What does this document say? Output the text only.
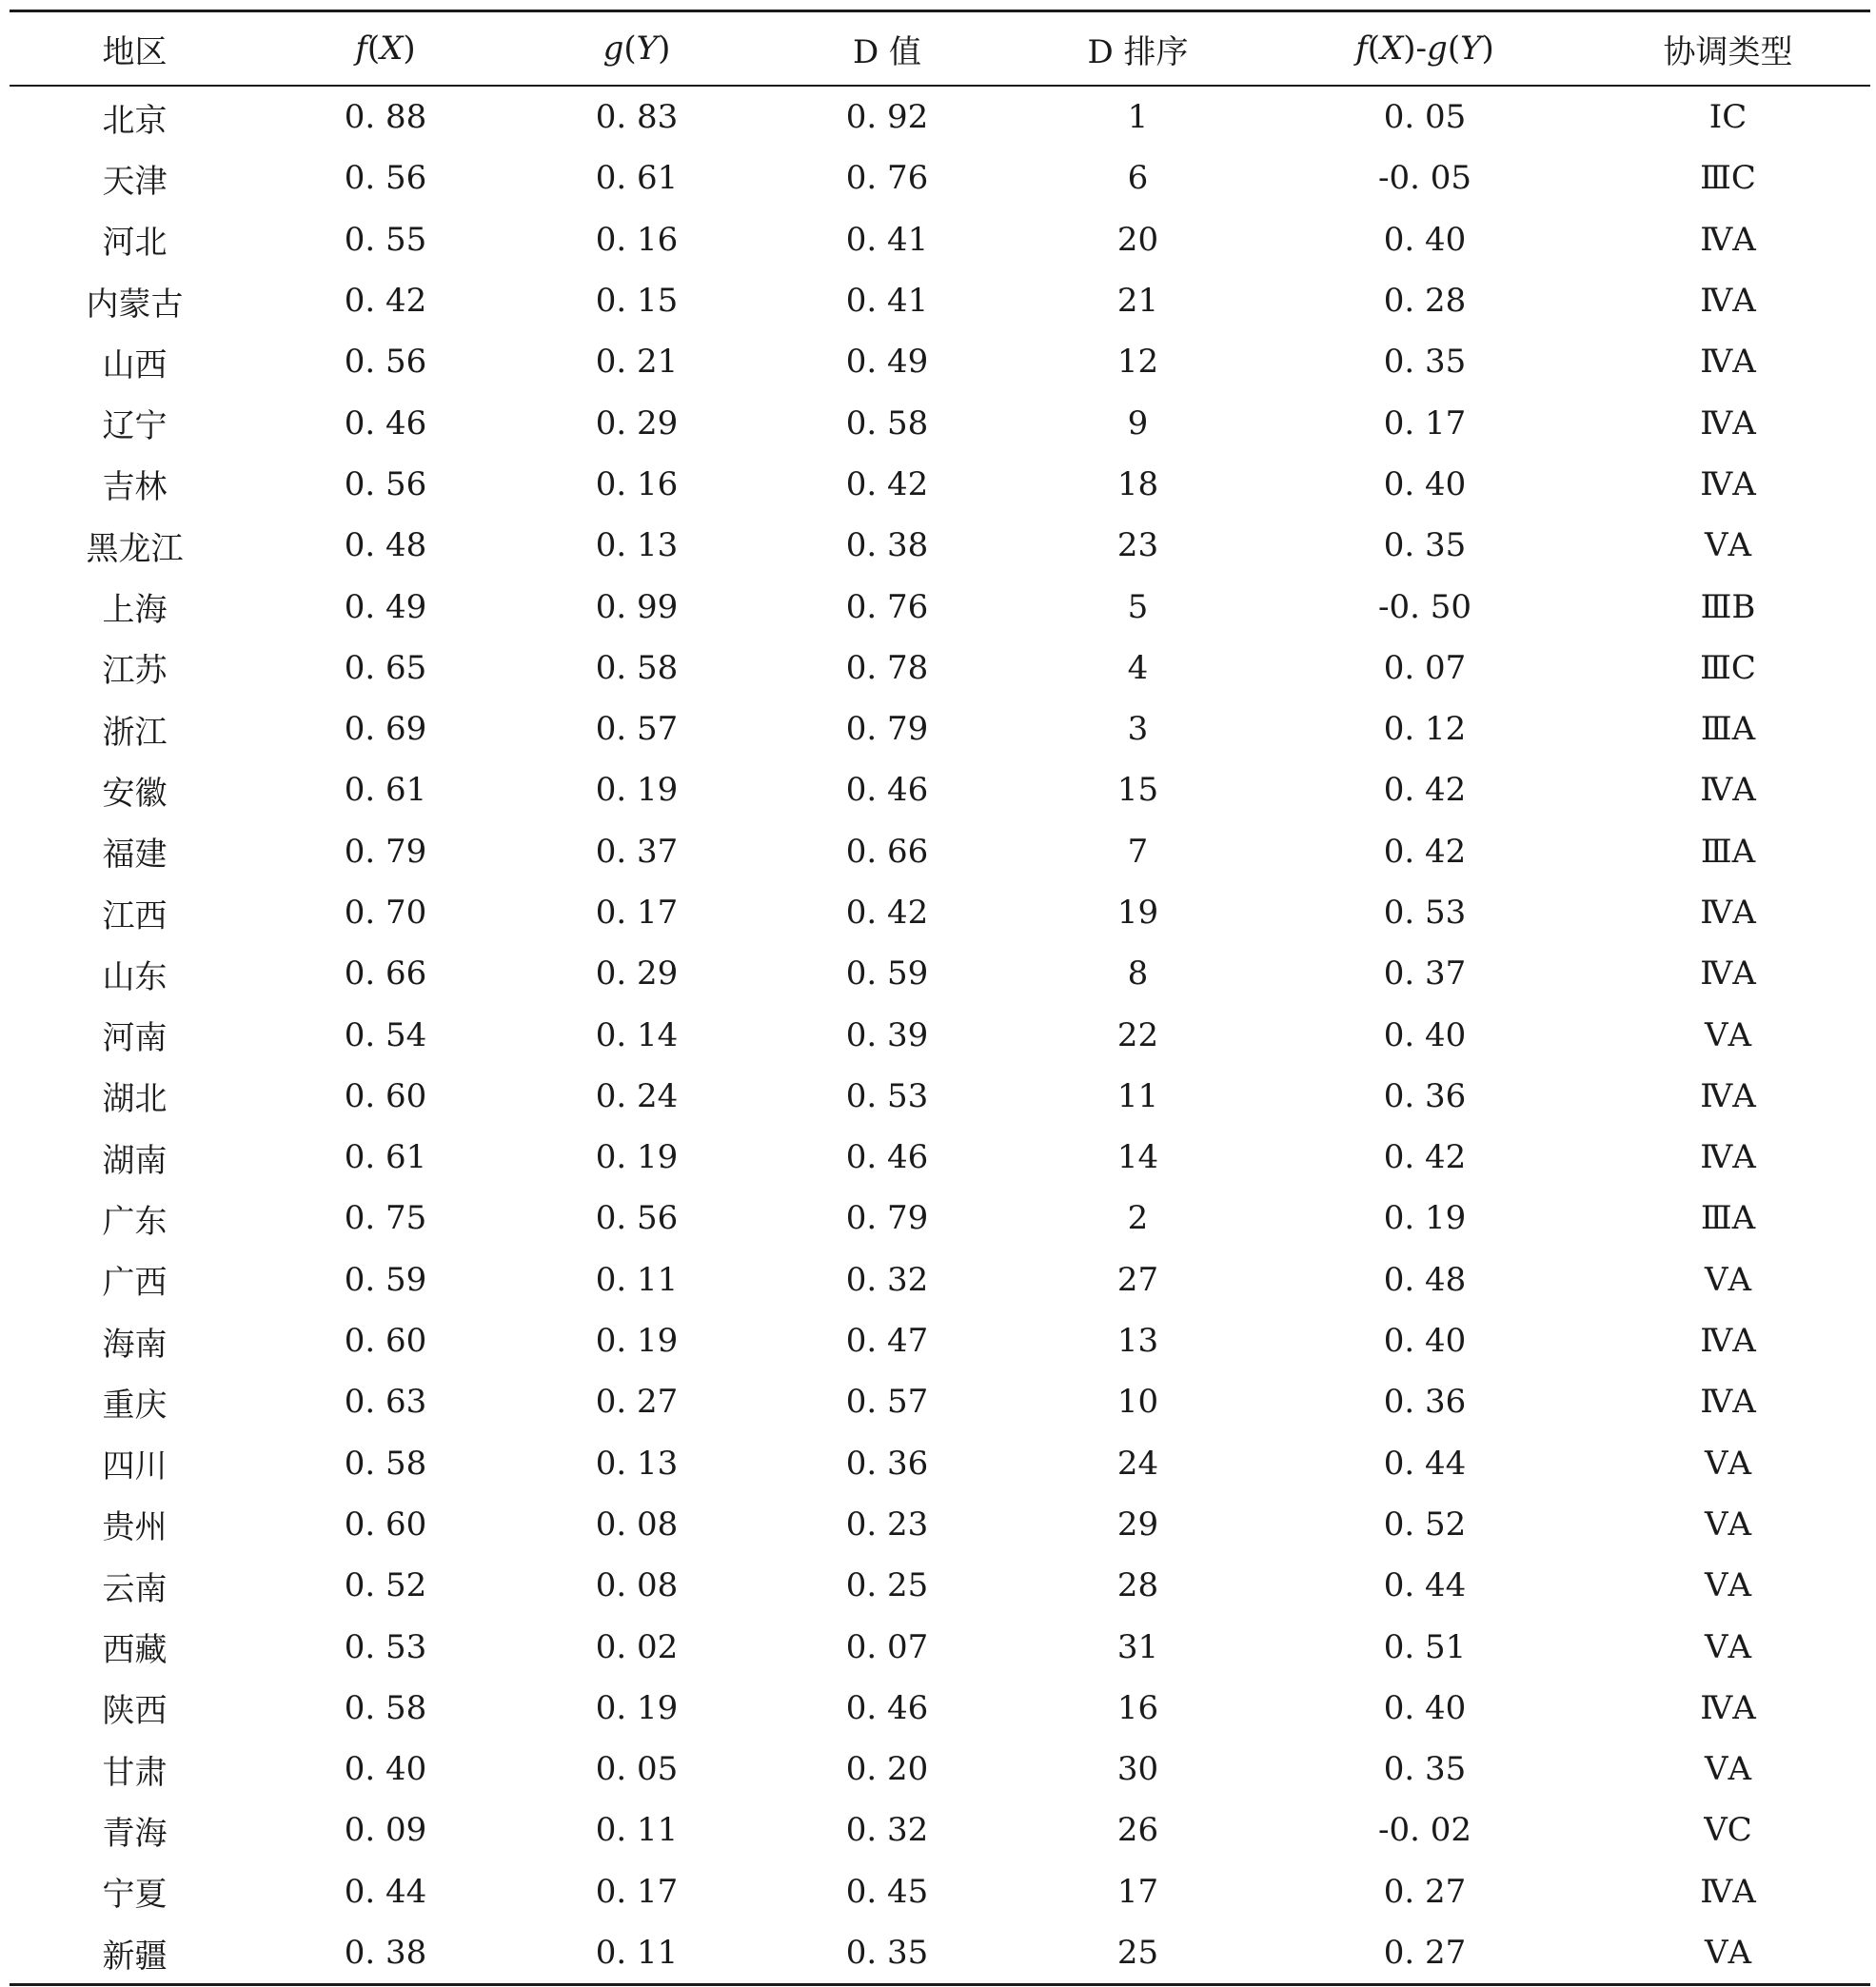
地区	f(X)	g(Y)	D 值	D 排序	f(X)-g(Y)	协调类型
北京	0. 88	0. 83	0. 92	1	0. 05	ⅠC
天津	0. 56	0. 61	0. 76	6	-0. 05	ⅢC
河北	0. 55	0. 16	0. 41	20	0. 40	ⅣA
内蒙古	0. 42	0. 15	0. 41	21	0. 28	ⅣA
山西	0. 56	0. 21	0. 49	12	0. 35	ⅣA
辽宁	0. 46	0. 29	0. 58	9	0. 17	ⅣA
吉林	0. 56	0. 16	0. 42	18	0. 40	ⅣA
黑龙江	0. 48	0. 13	0. 38	23	0. 35	ⅤA
上海	0. 49	0. 99	0. 76	5	-0. 50	ⅢB
江苏	0. 65	0. 58	0. 78	4	0. 07	ⅢC
浙江	0. 69	0. 57	0. 79	3	0. 12	ⅢA
安徽	0. 61	0. 19	0. 46	15	0. 42	ⅣA
福建	0. 79	0. 37	0. 66	7	0. 42	ⅢA
江西	0. 70	0. 17	0. 42	19	0. 53	ⅣA
山东	0. 66	0. 29	0. 59	8	0. 37	ⅣA
河南	0. 54	0. 14	0. 39	22	0. 40	ⅤA
湖北	0. 60	0. 24	0. 53	11	0. 36	ⅣA
湖南	0. 61	0. 19	0. 46	14	0. 42	ⅣA
广东	0. 75	0. 56	0. 79	2	0. 19	ⅢA
广西	0. 59	0. 11	0. 32	27	0. 48	ⅤA
海南	0. 60	0. 19	0. 47	13	0. 40	ⅣA
重庆	0. 63	0. 27	0. 57	10	0. 36	ⅣA
四川	0. 58	0. 13	0. 36	24	0. 44	ⅤA
贵州	0. 60	0. 08	0. 23	29	0. 52	ⅤA
云南	0. 52	0. 08	0. 25	28	0. 44	ⅤA
西藏	0. 53	0. 02	0. 07	31	0. 51	ⅤA
陕西	0. 58	0. 19	0. 46	16	0. 40	ⅣA
甘肃	0. 40	0. 05	0. 20	30	0. 35	ⅤA
青海	0. 09	0. 11	0. 32	26	-0. 02	ⅤC
宁夏	0. 44	0. 17	0. 45	17	0. 27	ⅣA
新疆	0. 38	0. 11	0. 35	25	0. 27	ⅤA
